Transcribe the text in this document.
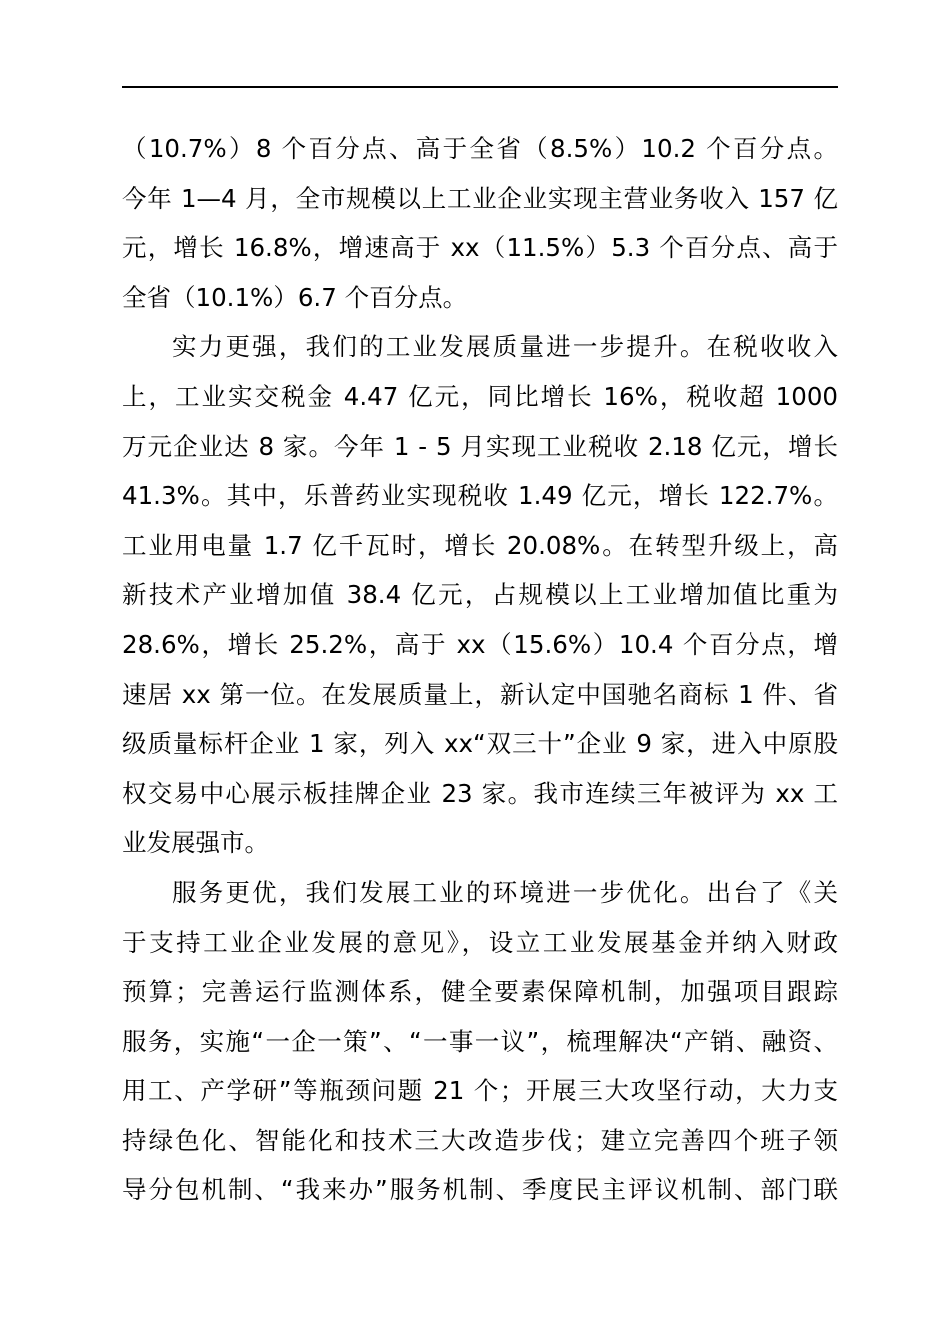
（10.7%）8 个百分点、高于全省（8.5%）10.2 个百分点。
今年 1—4 月，全市规模以上工业企业实现主营业务收入 157 亿
元，增长 16.8%，增速高于 xx（11.5%）5.3 个百分点、高于
全省（10.1%）6.7 个百分点。
实力更强，我们的工业发展质量进一步提升。在税收收入
上，工业实交税金 4.47 亿元，同比增长 16%，税收超 1000
万元企业达 8 家。今年 1 - 5 月实现工业税收 2.18 亿元，增长
41.3%。其中，乐普药业实现税收 1.49 亿元，增长 122.7%。
工业用电量 1.7 亿千瓦时，增长 20.08%。在转型升级上，高
新技术产业增加值 38.4 亿元，占规模以上工业增加值比重为
28.6%，增长 25.2%，高于 xx（15.6%）10.4 个百分点，增
速居 xx 第一位。在发展质量上，新认定中国驰名商标 1 件、省
级质量标杆企业 1 家，列入 xx“双三十”企业 9 家，进入中原股
权交易中心展示板挂牌企业 23 家。我市连续三年被评为 xx 工
业发展强市。
服务更优，我们发展工业的环境进一步优化。出台了《关
于支持工业企业发展的意见》，设立工业发展基金并纳入财政
预算；完善运行监测体系，健全要素保障机制，加强项目跟踪
服务，实施“一企一策”、“一事一议”，梳理解决“产销、融资、
用工、产学研”等瓶颈问题 21 个；开展三大攻坚行动，大力支
持绿色化、智能化和技术三大改造步伐；建立完善四个班子领
导分包机制、“我来办”服务机制、季度民主评议机制、部门联
